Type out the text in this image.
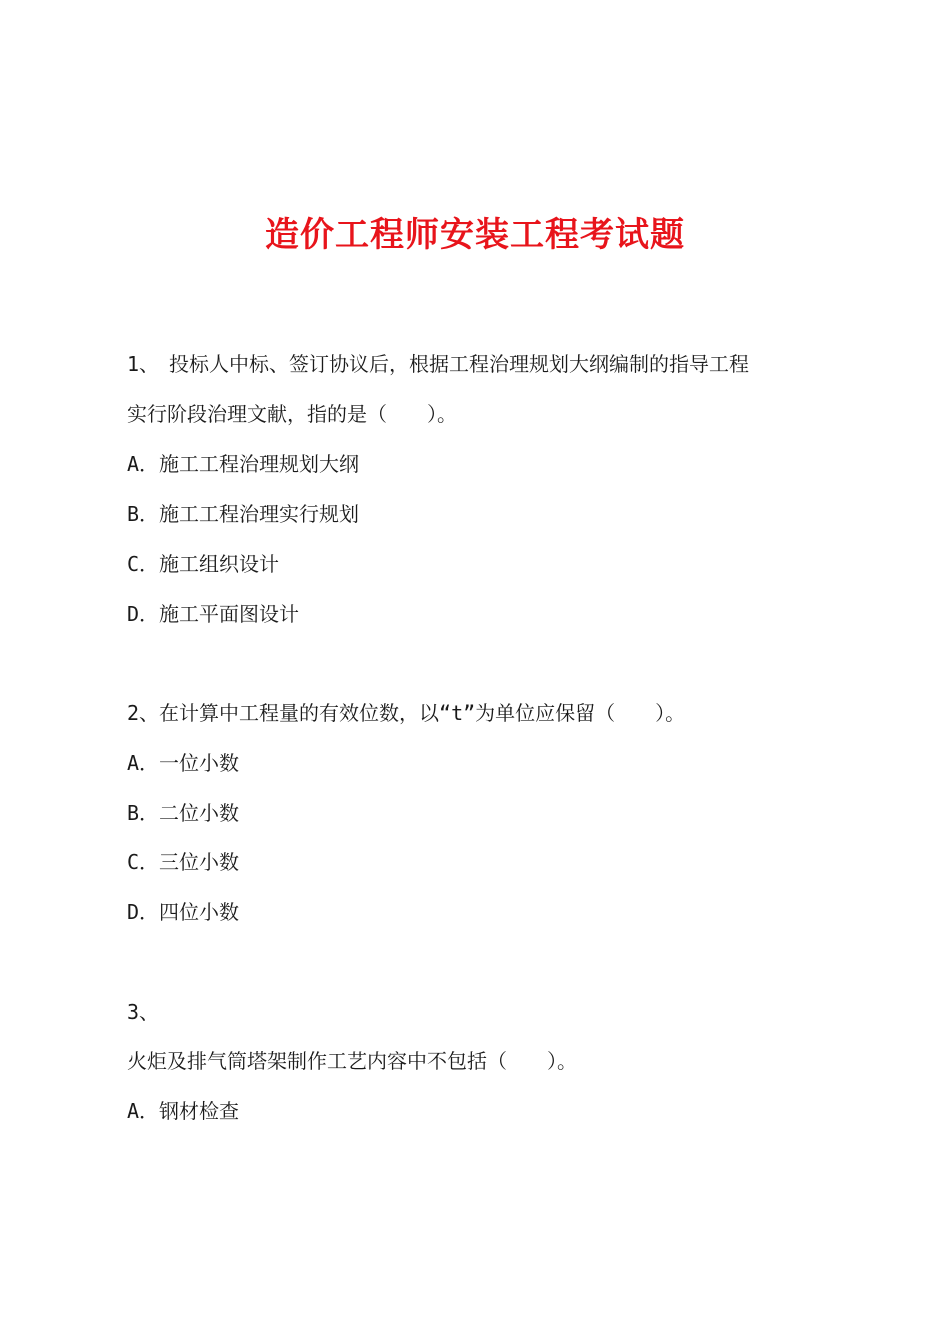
造价工程师安装工程考试题

1、　投标人中标、签订协议后，根据工程治理规划大纲编制的指导工程

实行阶段治理文献，指的是（　　）。

A．施工工程治理规划大纲

B．施工工程治理实行规划

C．施工组织设计

D．施工平面图设计

2、在计算中工程量的有效位数，以“t”为单位应保留（　　）。

A．一位小数

B．二位小数

C．三位小数

D．四位小数

3、

火炬及排气筒塔架制作工艺内容中不包括（　　）。

A．钢材检查
